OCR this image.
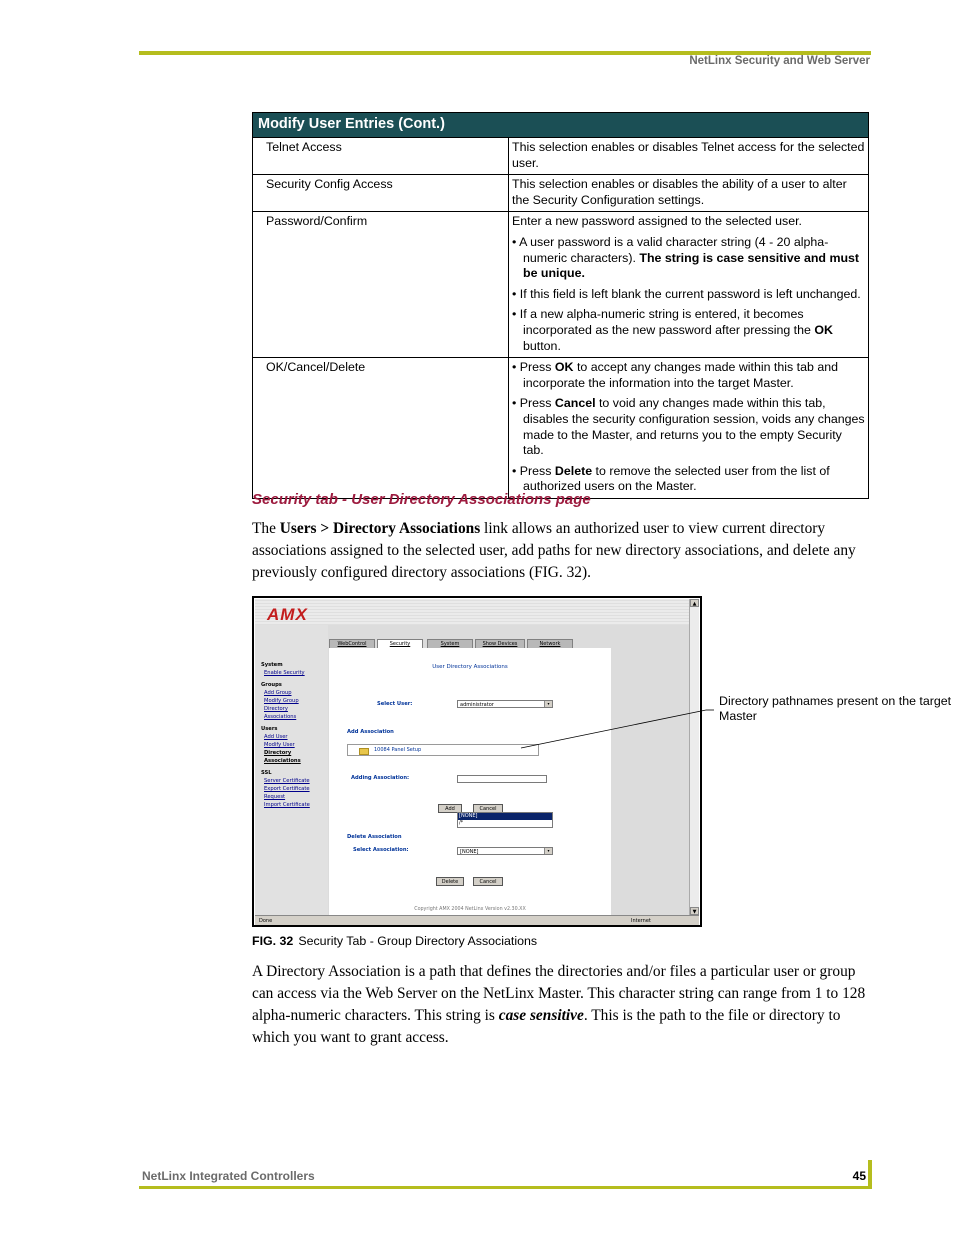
NetLinx Security and Web Server
Modify User Entries (Cont.)	
Telnet Access	This selection enables or disables Telnet access for the selected user.
Security Config Access	This selection enables or disables the ability of a user to alter the Security Configuration settings.
Password/Confirm	Enter a new password assigned to the selected user.

• A user password is a valid character string (4 - 20 alpha-numeric characters). The string is case sensitive and must be unique.

• If this field is left blank the current password is left unchanged.

• If a new alpha-numeric string is entered, it becomes incorporated as the new password after pressing the OK button.

OK/Cancel/Delete	• Press OK to accept any changes made within this tab and incorporate the information into the target Master.

• Press Cancel to void any changes made within this tab, disables the security configuration session, voids any changes made to the Master, and returns you to the empty Security tab.

• Press Delete to remove the selected user from the list of authorized users on the Master.

Security tab - User Directory Associations page

The Users > Directory Associations link allows an authorized user to view current directory associations assigned to the selected user, add paths for new directory associations, and delete any previously configured directory associations (FIG. 32).

AMX
System
Enable Security
Groups
Add Group
Modify Group
Directory
Associations
Users
Add User
Modify User
Directory
Associations
SSL
Server Certificate
Export Certificate
Request
Import Certificate
WebControl	Security	System	Show Devices	Network
User Directory Associations
Select User:	administrator	▾
Add Association
10084 Panel Setup
Adding Association:
Add	Cancel
Delete Association
Select Association:	[NONE]	▾
Delete	Cancel
Copyright AMX 2004 NetLinx Version v2.30.XX
[NONE]
/*
▲
▼
Done	Internet

Directory pathnames present on the target Master

FIG. 32 Security Tab - Group Directory Associations

A Directory Association is a path that defines the directories and/or files a particular user or group can access via the Web Server on the NetLinx Master. This character string can range from 1 to 128 alpha-numeric characters. This string is case sensitive. This is the path to the file or directory to which you want to grant access.

NetLinx Integrated Controllers	45
